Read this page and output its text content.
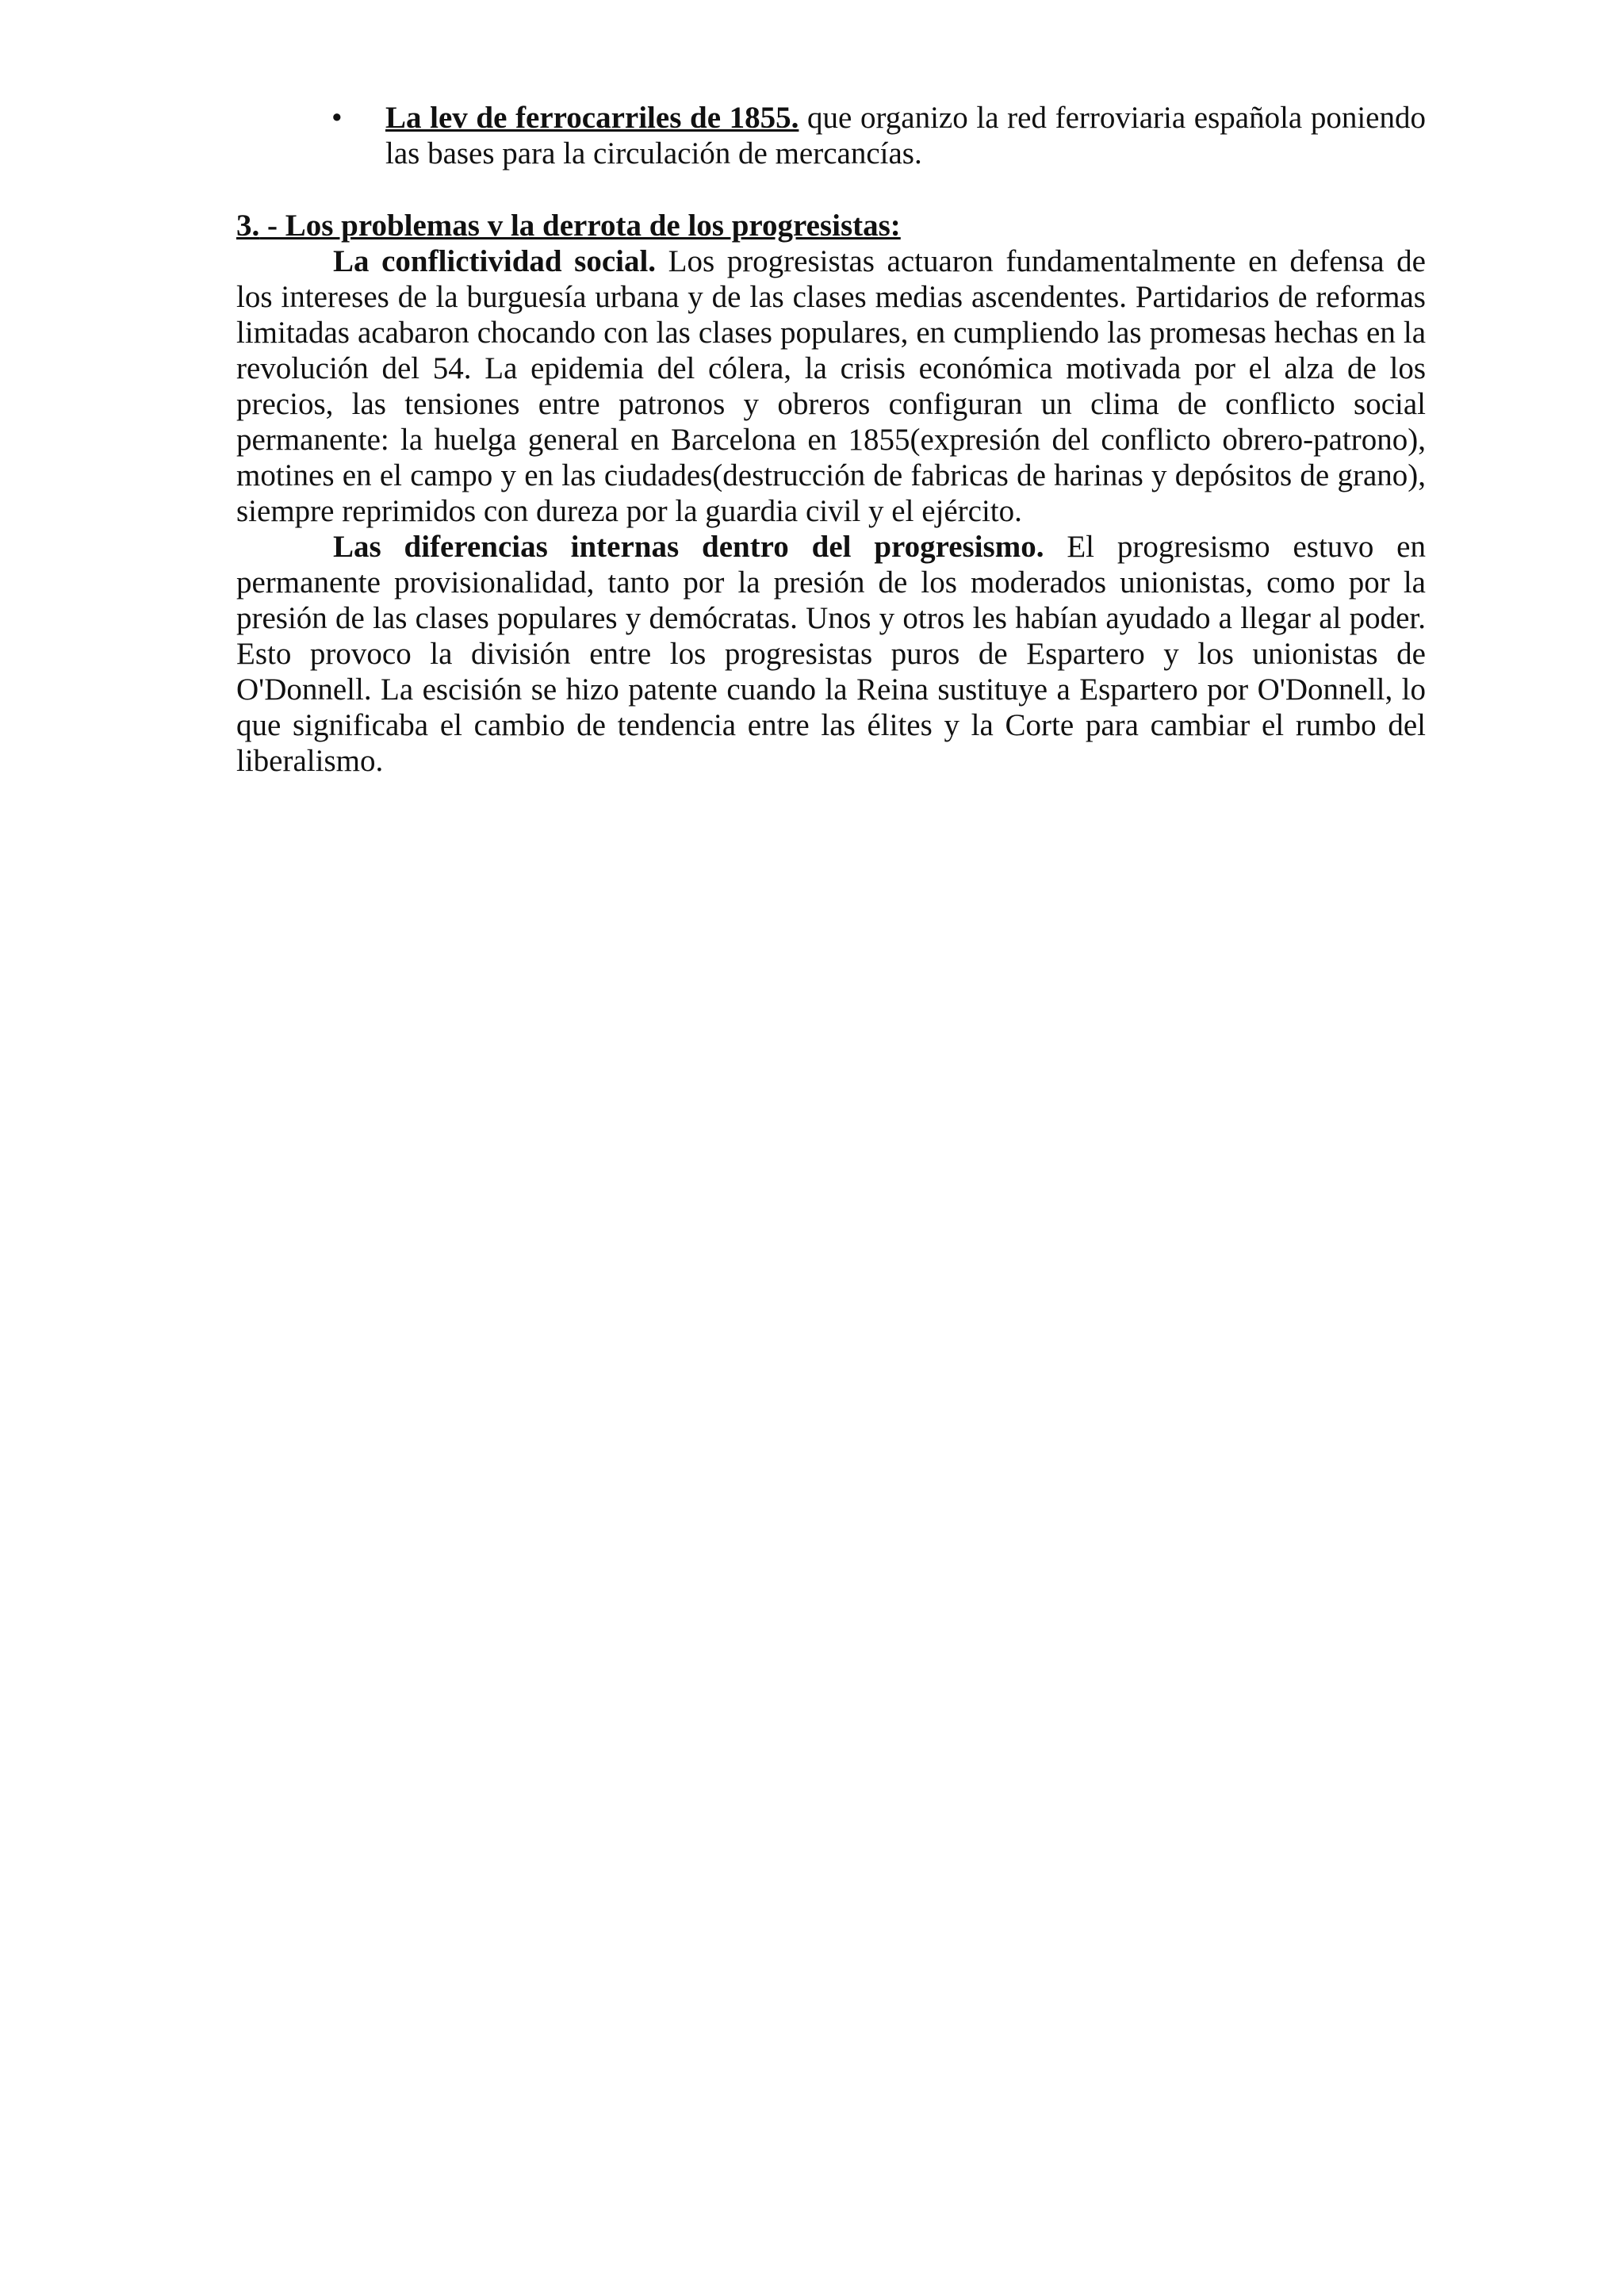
• La lev de ferrocarriles de 1855. que organizo la red ferroviaria española poniendo las bases para la circulación de mercancías.

3. - Los problemas v la derrota de los progresistas:

La conflictividad social. Los progresistas actuaron fundamentalmente en defensa de los intereses de la burguesía urbana y de las clases medias ascendentes. Partidarios de reformas limitadas acabaron chocando con las clases populares, en cumpliendo las promesas hechas en la revolución del 54. La epidemia del cólera, la crisis económica motivada por el alza de los precios, las tensiones entre patronos y obreros configuran un clima de conflicto social permanente: la huelga general en Barcelona en 1855(expresión del conflicto obrero-patrono), motines en el campo y en las ciudades(destrucción de fabricas de harinas y depósitos de grano), siempre reprimidos con dureza por la guardia civil y el ejército.

Las diferencias internas dentro del progresismo. El progresismo estuvo en permanente provisionalidad, tanto por la presión de los moderados unionistas, como por la presión de las clases populares y demócratas. Unos y otros les habían ayudado a llegar al poder. Esto provoco la división entre los progresistas puros de Espartero y los unionistas de O'Donnell. La escisión se hizo patente cuando la Reina sustituye a Espartero por O'Donnell, lo que significaba el cambio de tendencia entre las élites y la Corte para cambiar el rumbo del liberalismo.
